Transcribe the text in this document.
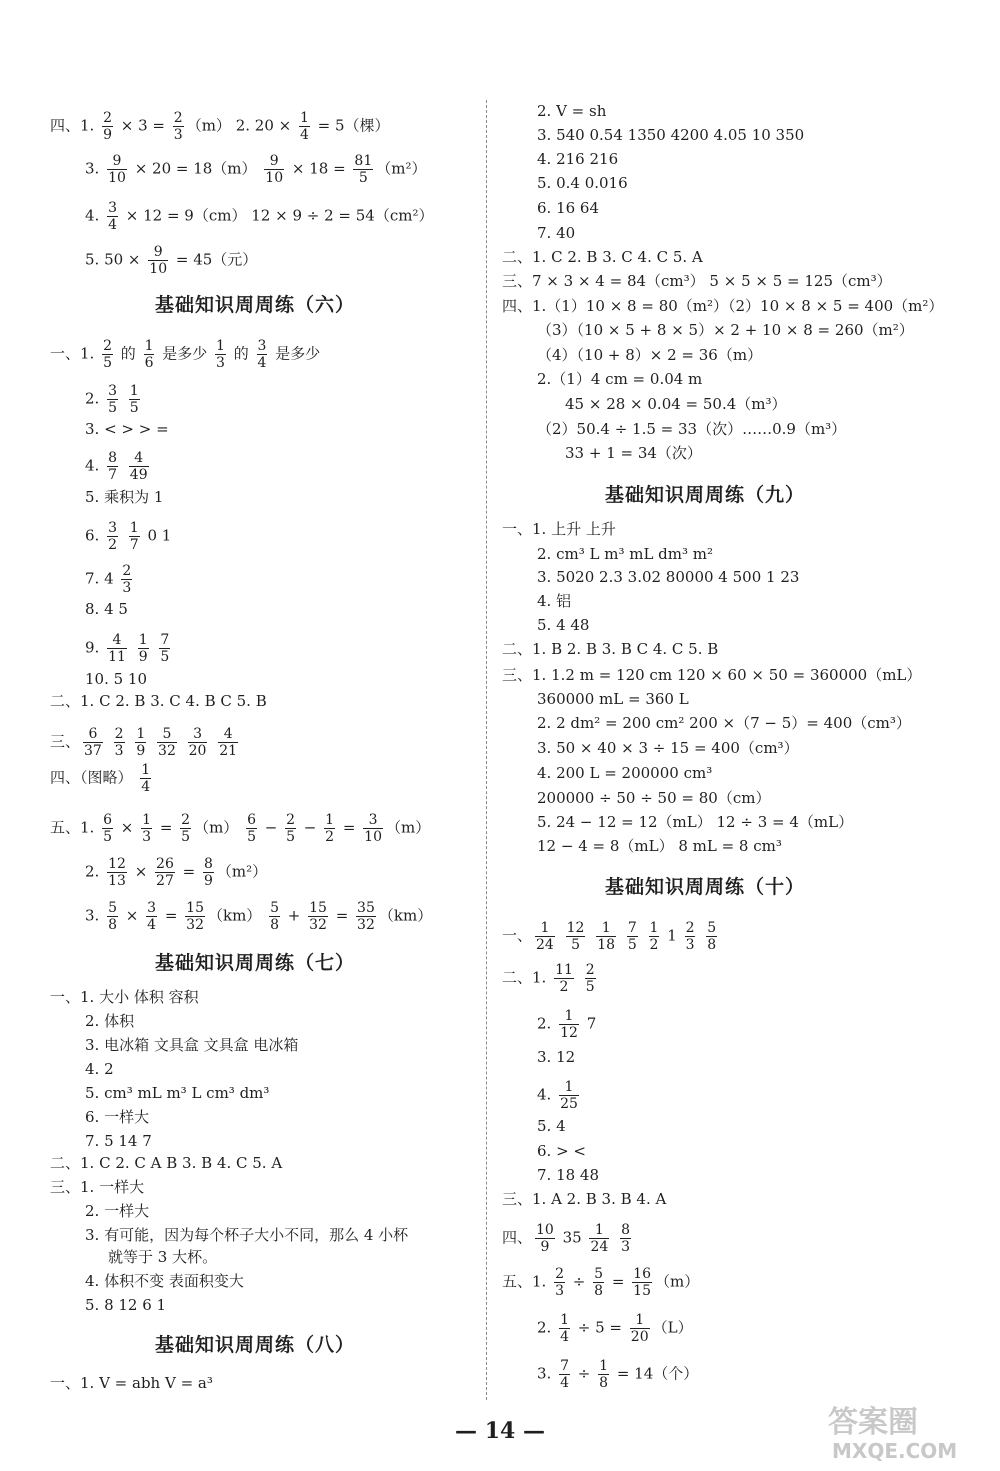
四、1. $\frac{2}{9} \times 3 = \frac{2}{3} (m)$ 2. $20 \times \frac{1}{4} = 5$（棵）
3. $\frac{9}{10} \times 20 = 18(m) \frac{9}{10} \times 18 = \frac{81}{5} (m^2)$
4. $\frac{3}{4} \times 12 = 9(cm) 12 \times 9 \div 2 = 54(cm^2)$
5. $50 \times \frac{9}{10} = 45$（元）
基础知识周周练（六）
一、1. $\frac{2}{5}$ 的 $\frac{1}{6}$ 是多少 $\frac{1}{3}$ 的 $\frac{3}{4}$ 是多少
2. $\frac{3}{5}$
$\frac{1}{5}$
3. < > > =
4. $\frac{8}{7}$
$\frac{4}{49}$
5. 乘积为 1
6. $\frac{3}{2}$
$\frac{1}{7} 0$ 1
7. $4 \frac{2}{3}$
8. 4 5
9. $\frac{4}{11}$
$\frac{1}{9}$
$\frac{7}{5}$
10. 5 10
二、1. C 2. B 3. C 4. B C 5. B
三、 $\frac{6}{37}$
$\frac{2}{3}$
$\frac{1}{9}$
$\frac{5}{32}$
$\frac{3}{20}$
$\frac{4}{21}$
四、（图略） $\frac{1}{4}$
五、1. $\frac{6}{5} \times \frac{1}{3} = \frac{2}{5} (m) \frac{6}{5} - \frac{2}{5} - \frac{1}{2} = \frac{3}{10} (m)$
2. $\frac{12}{13} \times \frac{26}{27} = \frac{8}{9} (m^2)$
3. $\frac{5}{8} \times \frac{3}{4} = \frac{15}{32} (km) \frac{5}{8} + \frac{15}{32} = \frac{35}{32} (km)$
基础知识周周练（七）
一、1. 大小 体积 容积
2. 体积
3. 电冰箱 文具盒 文具盒 电冰箱
4. 2
5. cm³ mL m³ L cm³ dm³
6. 一样大
7. 5 14 7
二、1. C 2. C A B 3. B 4. C 5. A
三、1. 一样大
2. 一样大
3. 有可能，因为每个杯子大小不同，那么 4 小杯
就等于 3 大杯。
4. 体积不变 表面积变大
5. 8 12 6 1
基础知识周周练（八）
一、1. V = abh V = a³
2. V = sh
3. 540 0.54 1350 4200 4.05 10 350
4. 216 216
5. 0.4 0.016
6. 16 64
7. 40
二、1. C 2. B 3. C 4. C 5. A
三、7 × 3 × 4 = 84（cm³） 5 × 5 × 5 = 125（cm³）
四、1.（1）10 × 8 = 80（m²）（2）10 × 8 × 5 = 400（m²）
（3）（10 × 5 + 8 × 5）× 2 + 10 × 8 = 260（m²）
（4）（10 + 8）× 2 = 36（m）
2.（1）4 cm = 0.04 m
45 × 28 × 0.04 = 50.4（m³）
（2）50.4 ÷ 1.5 = 33（次）……0.9（m³）
33 + 1 = 34（次）
基础知识周周练（九）
一、1. 上升 上升
2. cm³ L m³ mL dm³ m²
3. 5020 2.3 3.02 80000 4 500 1 23
4. 铝
5. 4 48
二、1. B 2. B 3. B C 4. C 5. B
三、1. 1.2 m = 120 cm 120 × 60 × 50 = 360000（mL）
360000 mL = 360 L
2. 2 dm² = 200 cm² 200 ×（7 − 5）= 400（cm³）
3. 50 × 40 × 3 ÷ 15 = 400（cm³）
4. 200 L = 200000 cm³
200000 ÷ 50 ÷ 50 = 80（cm）
5. 24 − 12 = 12（mL） 12 ÷ 3 = 4（mL）
12 − 4 = 8（mL） 8 mL = 8 cm³
基础知识周周练（十）
一、 $\frac{1}{24}$
$\frac{12}{5}$
$\frac{1}{18}$
$\frac{7}{5}$
$\frac{1}{2} 1 \frac{2}{3}$
$\frac{5}{8}$
二、1. $\frac{11}{2}$
$\frac{2}{5}$
2. $\frac{1}{12} 7$
3. 12
4. $\frac{1}{25}$
5. 4
6. > <
7. 18 48
三、1. A 2. B 3. B 4. A
四、 $\frac{10}{9} 35 \frac{1}{24}$
$\frac{8}{3}$
五、1. $\frac{2}{3} \div \frac{5}{8} = \frac{16}{15} (m)$
2. $\frac{1}{4} \div 5 = \frac{1}{20} (L)$
3. $\frac{7}{4} \div \frac{1}{8} = 14$（个）
— 14 —	答案圈
MXQE.COM
